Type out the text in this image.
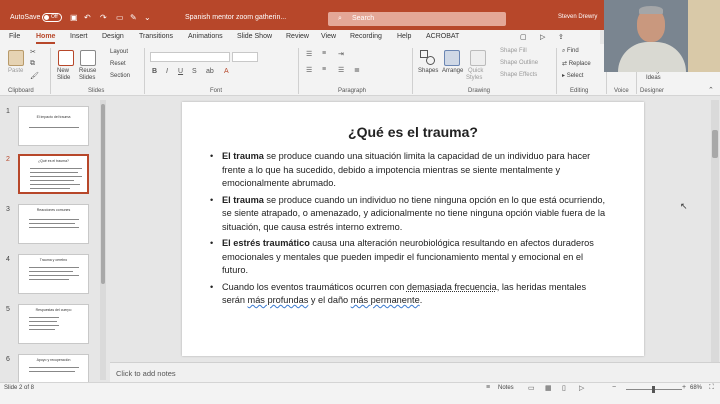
AutoSave	Off	▣ ↶ ↷ ▭ ✎ ⌄	Spanish mentor zoom gatherin...	⌕ Search	Steven Drewry
File Home Insert Design Transitions Animations Slide Show Review View Recording Help ACROBAT	▢ ▷ ⇪
Paste
✂
⧉
🖌
Clipboard
New
Slide
Reuse
Slides
Layout
Reset
Section
Slides
B I U S ab A
Font
☰ ≡ ⇥
☰ ≡ ☰ ≣
Paragraph
Shapes Arrange Quick
Styles
Shape Fill
Shape Outline
Shape Effects
Drawing
⌕ Find
⇄ Replace
▸ Select
Editing	Voice
Ideas
Designer	⌃
1
El impacto del trauma
2	¿Qué es el trauma?
3	Reacciones comunes
4	Trauma y cerebro
5	Respuestas del cuerpo
6	Apoyo y recuperación
¿Qué es el trauma?
• El trauma se produce cuando una situación limita la capacidad de un individuo para hacer frente a lo que ha sucedido, debido a impotencia mientras se siente mentalmente y emocionalmente abrumado.
• El trauma se produce cuando un individuo no tiene ninguna opción en lo que está ocurriendo, se siente atrapado, o amenazado, y adicionalmente no tiene ninguna opción viable fuera de la situación, que causa estrés interno extremo.
• El estrés traumático causa una alteración neurobiológica resultando en afectos duraderos emocionales y mentales que pueden impedir el funcionamiento mental y emocional en el futuro.
• Cuando los eventos traumáticos ocurren con demasiada frecuencia, las heridas mentales serán más profundas y el daño más permanente.
↖
Click to add notes
Slide 2 of 8	≡ Notes ▭ ▦ ▯ ▷	−	+ 68% ⛶
